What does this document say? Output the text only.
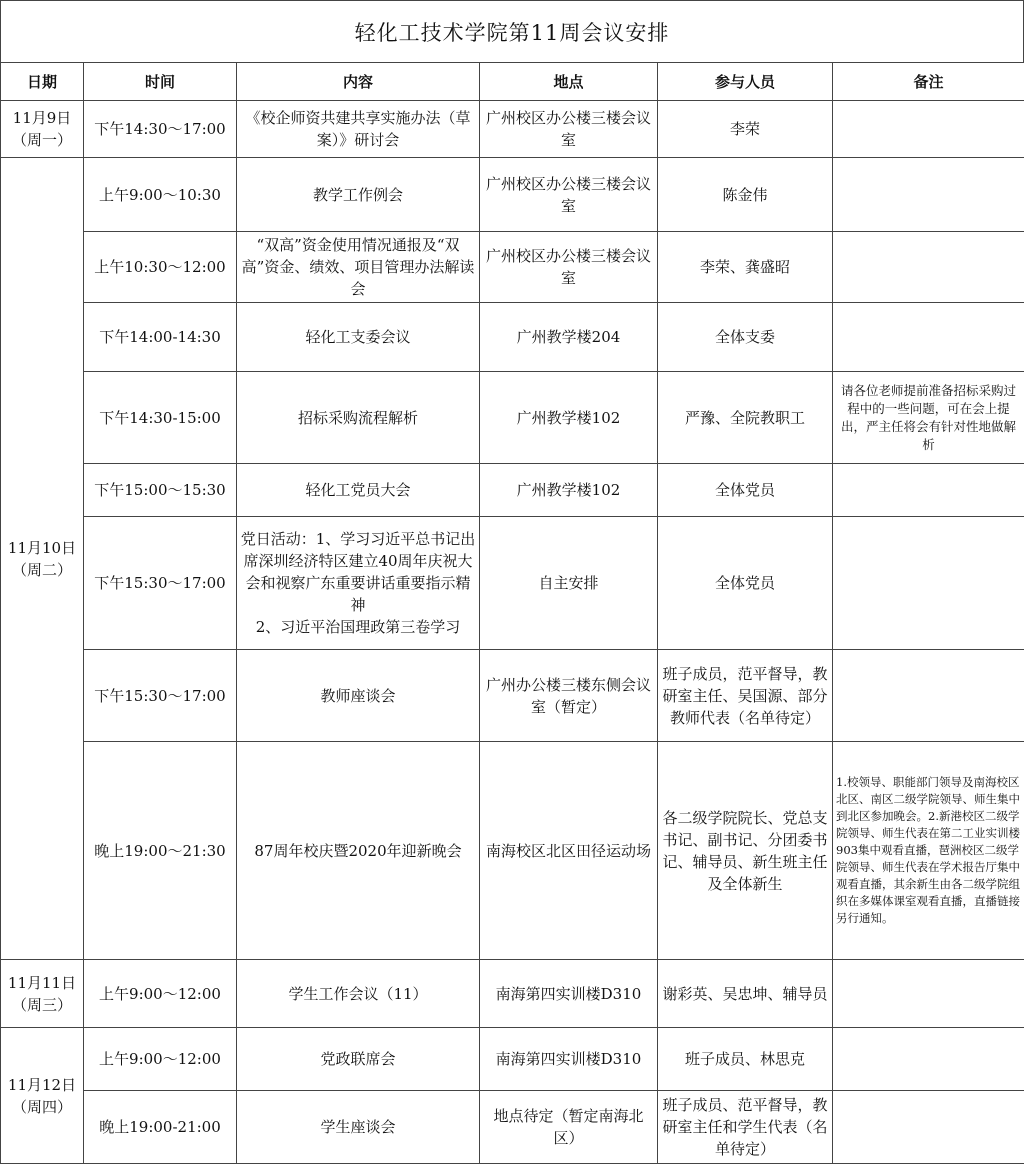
轻化工技术学院第11周会议安排
日期	时间	内容	地点	参与人员	备注
11月9日
（周一）	下午14:30～17:00	《校企师资共建共享实施办法（草案）》研讨会	广州校区办公楼三楼会议室	李荣	
11月10日
（周二）	上午9:00～10:30	教学工作例会	广州校区办公楼三楼会议室	陈金伟	
	上午10:30～12:00	“双高”资金使用情况通报及“双高”资金、绩效、项目管理办法解读会	广州校区办公楼三楼会议室	李荣、龚盛昭	
	下午14:00-14:30	轻化工支委会议	广州教学楼204	全体支委	
	下午14:30-15:00	招标采购流程解析	广州教学楼102	严豫、全院教职工	请各位老师提前准备招标采购过程中的一些问题，可在会上提出，严主任将会有针对性地做解析
	下午15:00～15:30	轻化工党员大会	广州教学楼102	全体党员	
	下午15:30～17:00	党日活动：1、学习习近平总书记出席深圳经济特区建立40周年庆祝大会和视察广东重要讲话重要指示精神
2、习近平治国理政第三卷学习	自主安排	全体党员	
	下午15:30～17:00	教师座谈会	广州办公楼三楼东侧会议室（暂定）	班子成员，范平督导，教研室主任、吴国源、部分教师代表（名单待定）	
	晚上19:00～21:30	87周年校庆暨2020年迎新晚会	南海校区北区田径运动场	各二级学院院长、党总支书记、副书记、分团委书记、辅导员、新生班主任及全体新生	1.校领导、职能部门领导及南海校区北区、南区二级学院领导、师生集中到北区参加晚会。2.新港校区二级学院领导、师生代表在第二工业实训楼903集中观看直播，琶洲校区二级学院领导、师生代表在学术报告厅集中观看直播，其余新生由各二级学院组织在多媒体课室观看直播，直播链接另行通知。
11月11日
（周三）	上午9:00～12:00	学生工作会议（11）	南海第四实训楼D310	谢彩英、吴忠坤、辅导员	
11月12日
（周四）	上午9:00～12:00	党政联席会	南海第四实训楼D310	班子成员、林思克	
	晚上19:00-21:00	学生座谈会	地点待定（暂定南海北区）	班子成员、范平督导，教研室主任和学生代表（名单待定）	
